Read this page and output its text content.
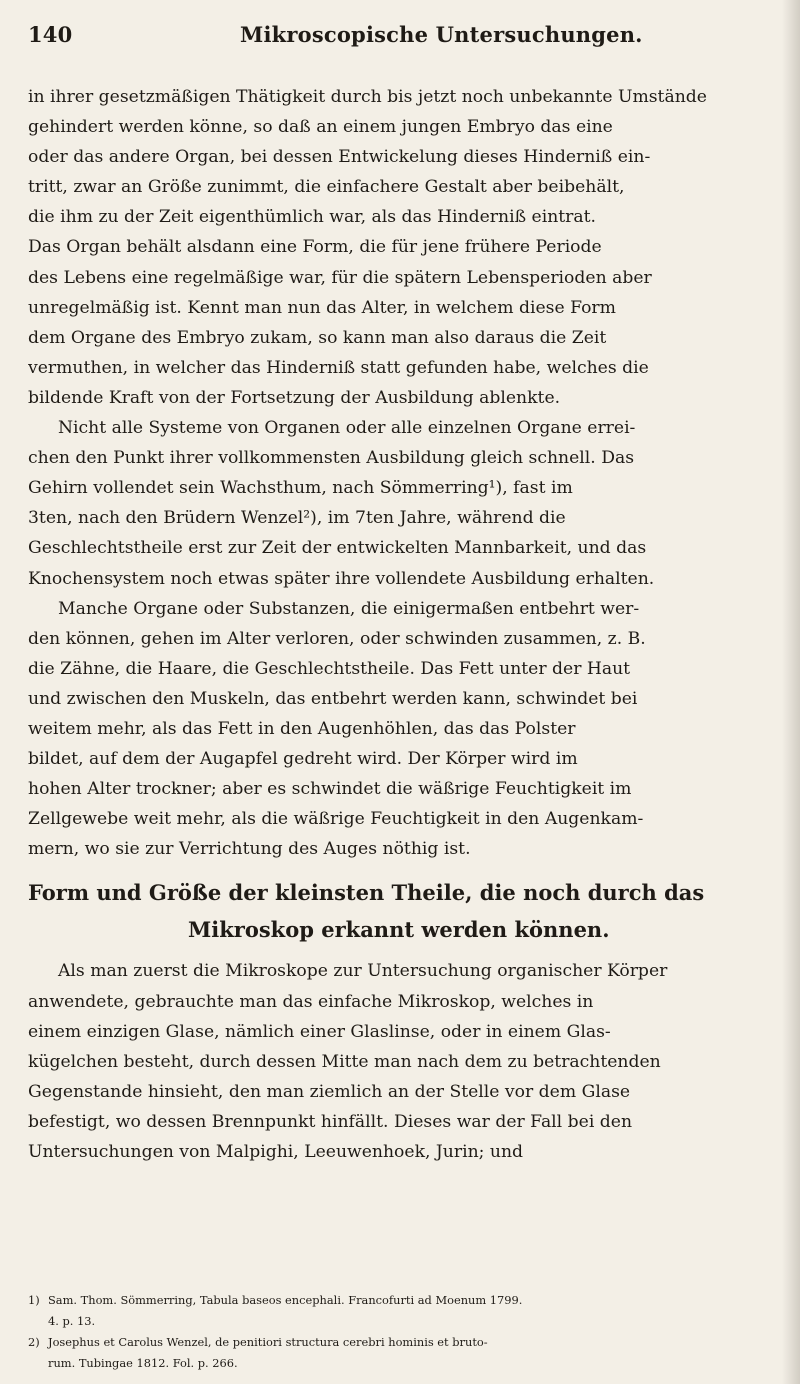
140	Mikroscopische Untersuchungen.
in ihrer gesetzmäßigen Thätigkeit durch bis jetzt noch unbekannte Umstände
gehindert werden könne, so daß an einem jungen Embryo das eine
oder das andere Organ, bei dessen Entwickelung dieses Hinderniß ein-
tritt, zwar an Größe zunimmt, die einfachere Gestalt aber beibehält,
die ihm zu der Zeit eigenthümlich war, als das Hinderniß eintrat.
Das Organ behält alsdann eine Form, die für jene frühere Periode
des Lebens eine regelmäßige war, für die spätern Lebensperioden aber
unregelmäßig ist. Kennt man nun das Alter, in welchem diese Form
dem Organe des Embryo zukam, so kann man also daraus die Zeit
vermuthen, in welcher das Hinderniß statt gefunden habe, welches die
bildende Kraft von der Fortsetzung der Ausbildung ablenkte.
Nicht alle Systeme von Organen oder alle einzelnen Organe errei-
chen den Punkt ihrer vollkommensten Ausbildung gleich schnell. Das
Gehirn vollendet sein Wachsthum, nach Sömmerring¹), fast im
3ten, nach den Brüdern Wenzel²), im 7ten Jahre, während die
Geschlechtstheile erst zur Zeit der entwickelten Mannbarkeit, und das
Knochensystem noch etwas später ihre vollendete Ausbildung erhalten.
Manche Organe oder Substanzen, die einigermaßen entbehrt wer-
den können, gehen im Alter verloren, oder schwinden zusammen, z. B.
die Zähne, die Haare, die Geschlechtstheile. Das Fett unter der Haut
und zwischen den Muskeln, das entbehrt werden kann, schwindet bei
weitem mehr, als das Fett in den Augenhöhlen, das das Polster
bildet, auf dem der Augapfel gedreht wird. Der Körper wird im
hohen Alter trockner; aber es schwindet die wäßrige Feuchtigkeit im
Zellgewebe weit mehr, als die wäßrige Feuchtigkeit in den Augenkam-
mern, wo sie zur Verrichtung des Auges nöthig ist.
Form und Größe der kleinsten Theile, die noch durch das
Mikroskop erkannt werden können.
Als man zuerst die Mikroskope zur Untersuchung organischer Körper
anwendete, gebrauchte man das einfache Mikroskop, welches in
einem einzigen Glase, nämlich einer Glaslinse, oder in einem Glas-
kügelchen besteht, durch dessen Mitte man nach dem zu betrachtenden
Gegenstande hinsieht, den man ziemlich an der Stelle vor dem Glase
befestigt, wo dessen Brennpunkt hinfällt. Dieses war der Fall bei den
Untersuchungen von Malpighi, Leeuwenhoek, Jurin; und
1) Sam. Thom. Sömmerring, Tabula baseos encephali. Francofurti ad Moenum 1799.
4. p. 13.
2) Josephus et Carolus Wenzel, de penitiori structura cerebri hominis et bruto-
rum. Tubingae 1812. Fol. p. 266.
